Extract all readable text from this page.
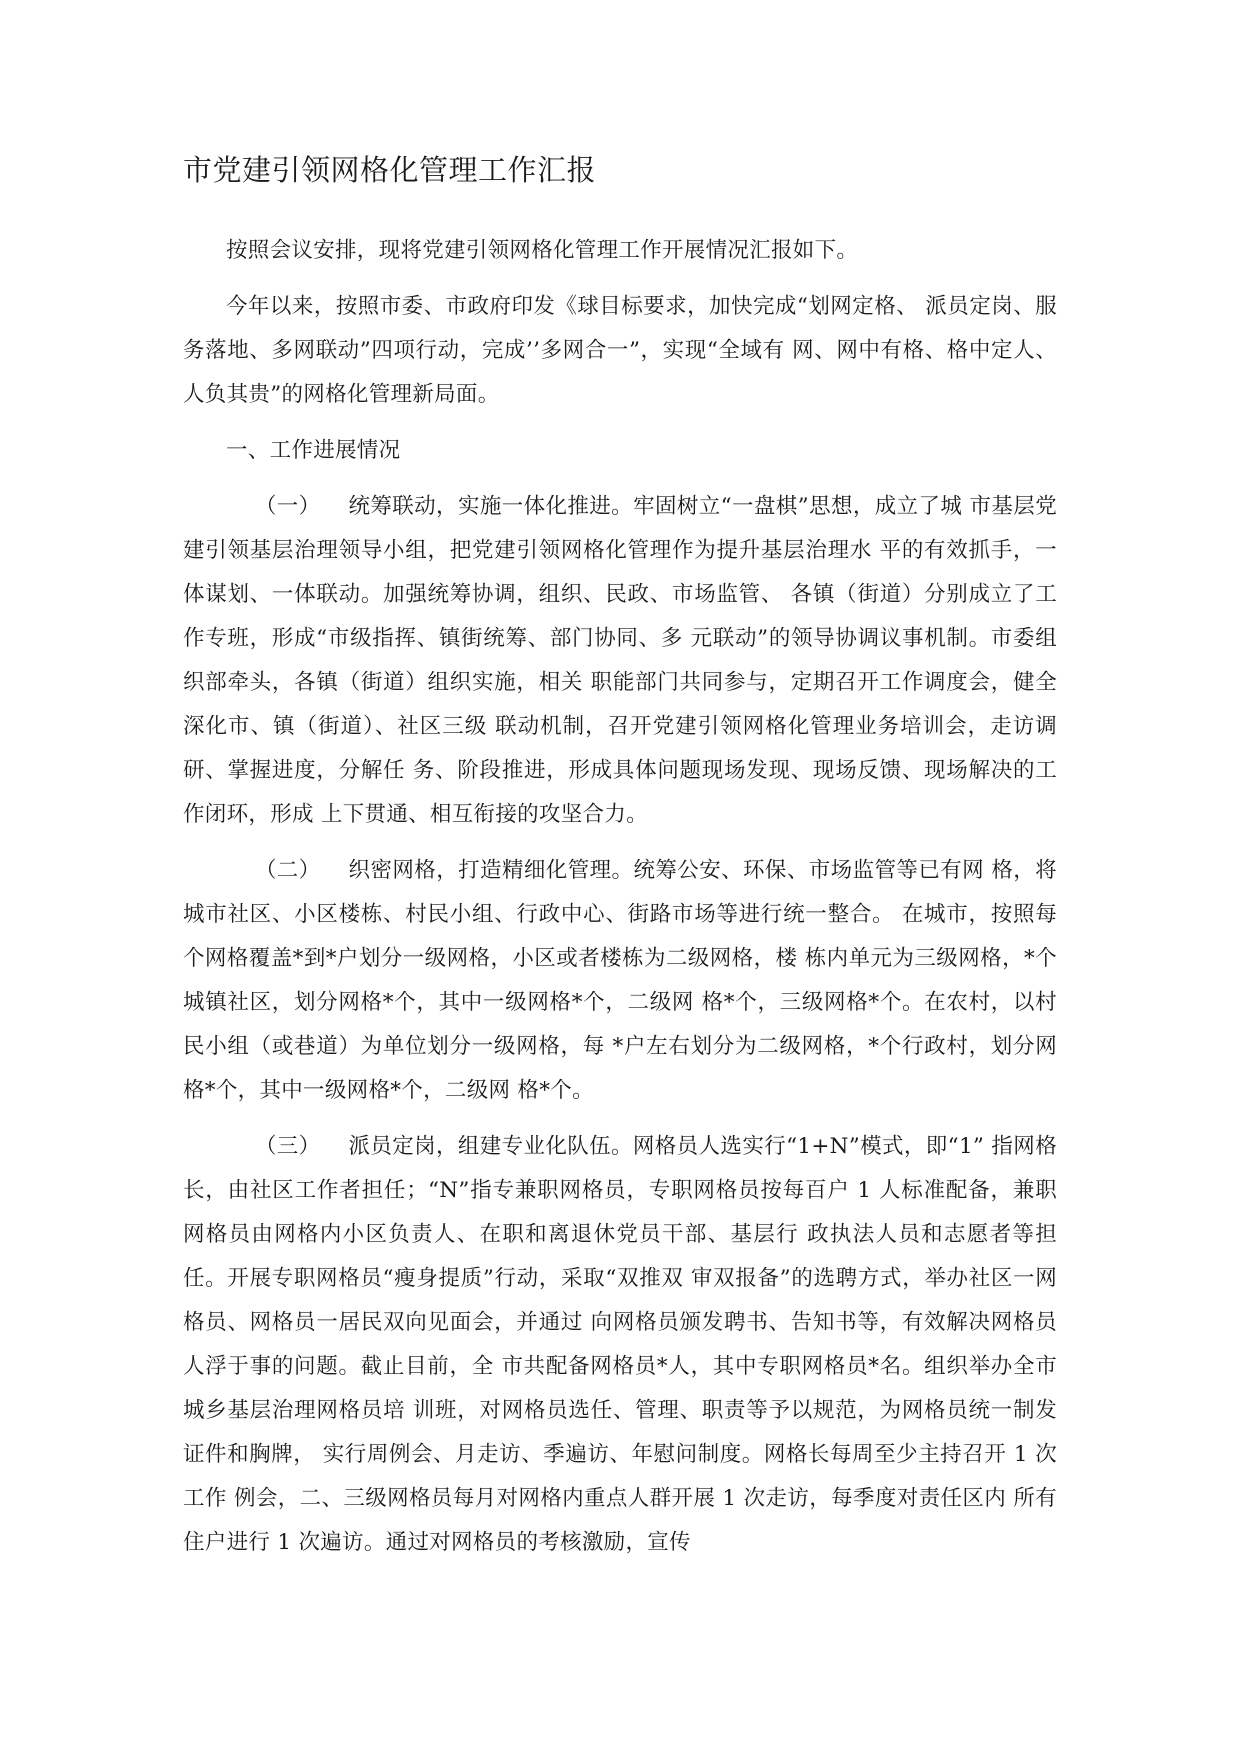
市党建引领网格化管理工作汇报

按照会议安排，现将党建引领网格化管理工作开展情况汇报如下。

今年以来，按照市委、市政府印发《球目标要求，加快完成“划网定格、 派员定岗、服务落地、多网联动”四项行动，完成’’多网合一”，实现“全域有 网、网中有格、格中定人、人负其贵”的网格化管理新局面。

一、工作进展情况

（一） 统筹联动，实施一体化推进。牢固树立“一盘棋”思想，成立了城 市基层党建引领基层治理领导小组，把党建引领网格化管理作为提升基层治理水 平的有效抓手，一体谋划、一体联动。加强统筹协调，组织、民政、市场监管、 各镇（街道）分别成立了工作专班，形成“市级指挥、镇街统筹、部门协同、多 元联动”的领导协调议事机制。市委组织部牵头，各镇（街道）组织实施，相关 职能部门共同参与，定期召开工作调度会，健全深化市、镇（街道）、社区三级 联动机制，召开党建引领网格化管理业务培训会，走访调研、掌握进度，分解任 务、阶段推进，形成具体问题现场发现、现场反馈、现场解决的工作闭环，形成 上下贯通、相互衔接的攻坚合力。

（二） 织密网格，打造精细化管理。统筹公安、环保、市场监管等已有网 格，将城市社区、小区楼栋、村民小组、行政中心、街路市场等进行统一整合。 在城市，按照每个网格覆盖*到*户划分一级网格，小区或者楼栋为二级网格，楼 栋内单元为三级网格，*个城镇社区，划分网格*个，其中一级网格*个，二级网 格*个，三级网格*个。在农村，以村民小组（或巷道）为单位划分一级网格，每 *户左右划分为二级网格，*个行政村，划分网格*个，其中一级网格*个，二级网 格*个。

（三） 派员定岗，组建专业化队伍。网格员人选实行“1+N”模式，即“1” 指网格长，由社区工作者担任；“N”指专兼职网格员，专职网格员按每百户 1 人标准配备，兼职网格员由网格内小区负责人、在职和离退休党员干部、基层行 政执法人员和志愿者等担任。开展专职网格员“瘦身提质”行动，采取“双推双 审双报备”的选聘方式，举办社区一网格员、网格员一居民双向见面会，并通过 向网格员颁发聘书、告知书等，有效解决网格员人浮于事的问题。截止目前，全 市共配备网格员*人，其中专职网格员*名。组织举办全市城乡基层治理网格员培 训班，对网格员选任、管理、职责等予以规范，为网格员统一制发证件和胸牌， 实行周例会、月走访、季遍访、年慰问制度。网格长每周至少主持召开 1 次工作 例会，二、三级网格员每月对网格内重点人群开展 1 次走访，每季度对责任区内 所有住户进行 1 次遍访。通过对网格员的考核激励，宣传
